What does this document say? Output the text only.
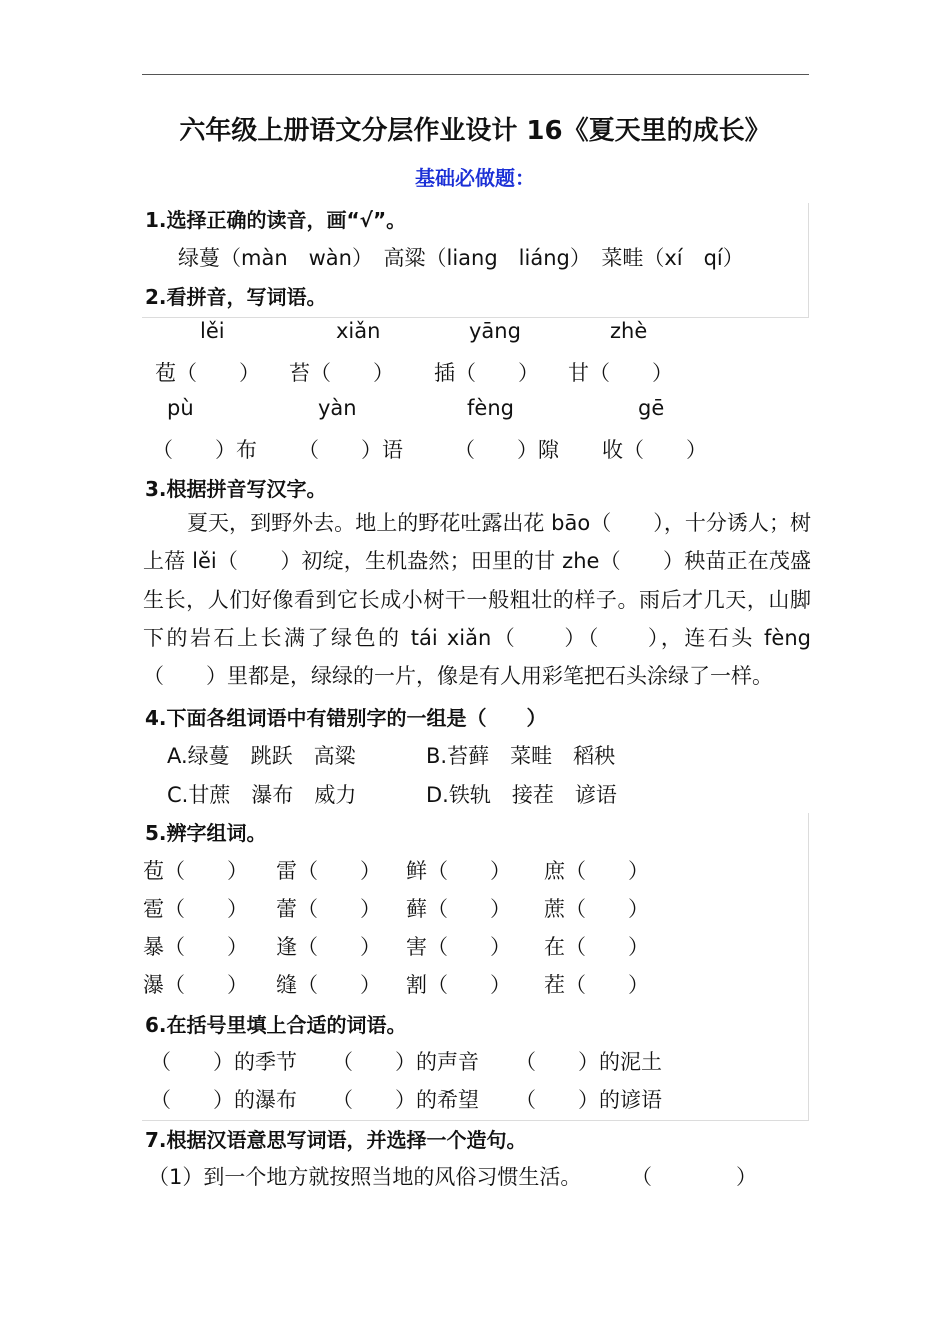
六年级上册语文分层作业设计 16《夏天里的成长》
基础必做题：
1.选择正确的读音，画“√”。
绿蔓（màn　wàn）　高粱（liang　liáng）　菜畦（xí　qí）
2.看拼音，写词语。
lěi	xiǎn	yāng	zhè
苞（　　） 苔（　　） 插（　　） 甘（　　）
pù	yàn	fèng	gē
（　　）布 （　　）语 （　　）隙 收（　　）
3.根据拼音写汉字。
夏天，到野外去。地上的野花吐露出花 bāo（　　），十分诱人；树上蓓 lěi（　　）初绽，生机盎然；田里的甘 zhe（　　）秧苗正在茂盛生长，人们好像看到它长成小树干一般粗壮的样子。雨后才几天，山脚下的岩石上长满了绿色的 tái xiǎn（　　）（　　），连石头 fèng（　　）里都是，绿绿的一片，像是有人用彩笔把石头涂绿了一样。
4.下面各组词语中有错别字的一组是（　　）
A.绿蔓　跳跃　高粱	B.苔藓　菜畦　稻秧
C.甘蔗　瀑布　威力	D.铁轨　接茬　谚语
5.辨字组词。
苞（　　） 雷（　　） 鲜（　　） 庶（　　）
雹（　　） 蕾（　　） 藓（　　） 蔗（　　）
暴（　　） 逢（　　） 害（　　） 在（　　）
瀑（　　） 缝（　　） 割（　　） 茬（　　）
6.在括号里填上合适的词语。
（　　）的季节 （　　）的声音 （　　）的泥土
（　　）的瀑布 （　　）的希望 （　　）的谚语
7.根据汉语意思写词语，并选择一个造句。
（1）到一个地方就按照当地的风俗习惯生活。 （　　　　）
